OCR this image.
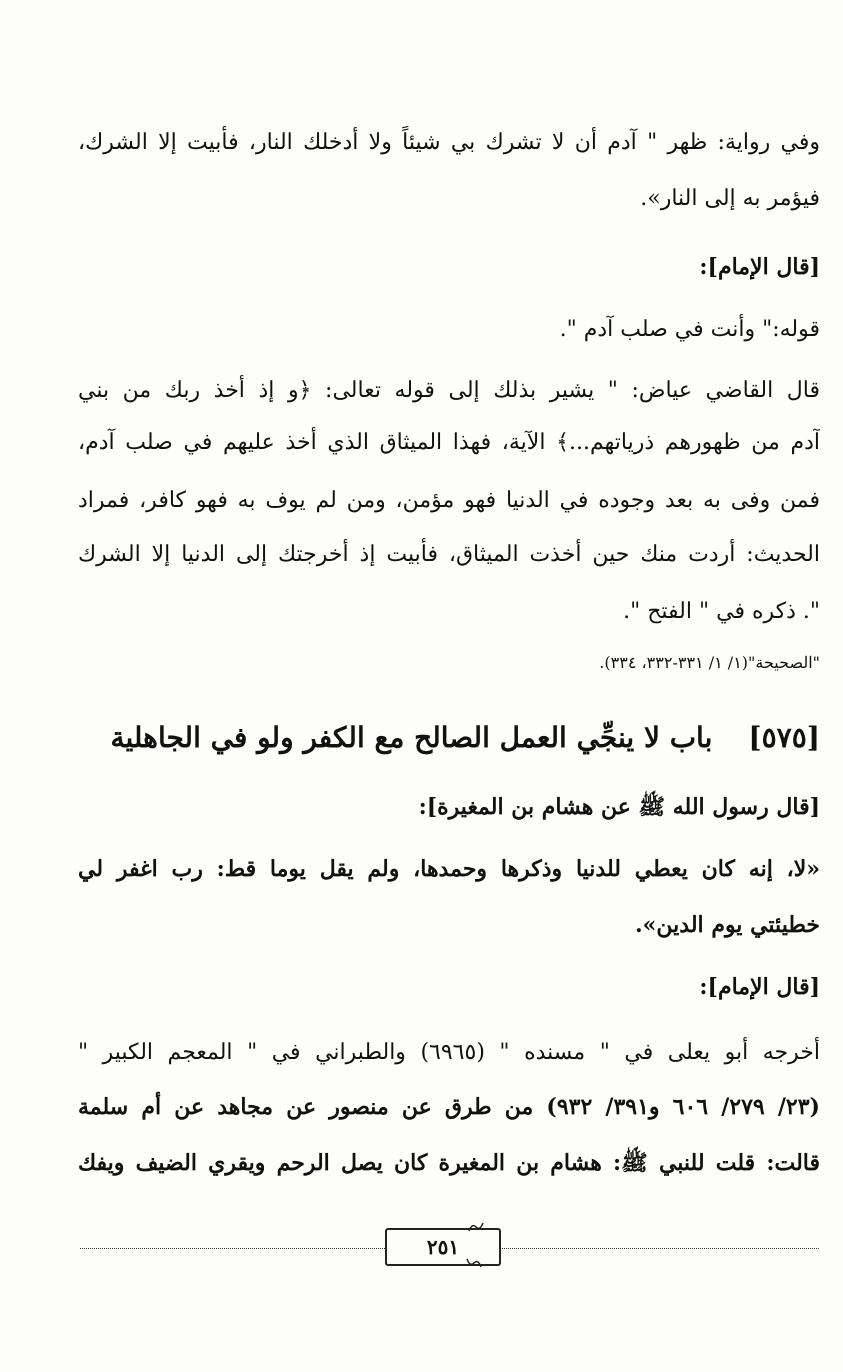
وفي رواية: ظهر " آدم أن لا تشرك بي شيئاً ولا أدخلك النار، فأبيت إلا الشرك،
فيؤمر به إلى النار».
[قال الإمام]:
قوله:" وأنت في صلب آدم ".
قال القاضي عياض: " يشير بذلك إلى قوله تعالى: ﴿و إذ أخذ ربك من بني
آدم من ظهورهم ذرياتهم...﴾ الآية، فهذا الميثاق الذي أخذ عليهم في صلب آدم،
فمن وفى به بعد وجوده في الدنيا فهو مؤمن، ومن لم يوف به فهو كافر، فمراد
الحديث: أردت منك حين أخذت الميثاق، فأبيت إذ أخرجتك إلى الدنيا إلا الشرك
". ذكره في " الفتح ".
"الصحيحة"(١/ ١/ ٣٣١-٣٣٢، ٣٣٤).
[٥٧٥]
باب لا ينجِّي العمل الصالح مع الكفر ولو في الجاهلية
[قال رسول الله ﷺ عن هشام بن المغيرة]:
«لا، إنه كان يعطي للدنيا وذكرها وحمدها، ولم يقل يوما قط: رب اغفر لي
خطيئتي يوم الدين».
[قال الإمام]:
أخرجه أبو يعلى في " مسنده " (٦٩٦٥) والطبراني في " المعجم الكبير "
(٢٣/ ٢٧٩/ ٦٠٦ و٣٩١/ ٩٣٢) من طرق عن منصور عن مجاهد عن أم سلمة
قالت: قلت للنبي ﷺ: هشام بن المغيرة كان يصل الرحم ويقري الضيف ويفك
٢٥١
